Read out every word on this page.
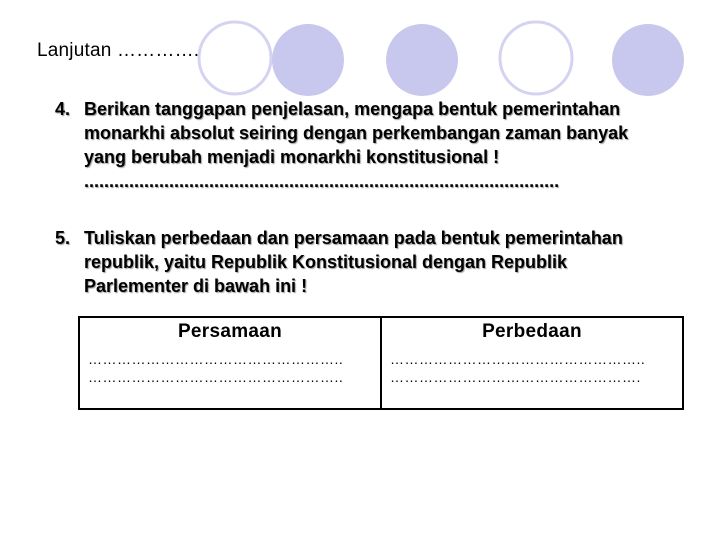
Lanjutan ………….
4. Berikan tanggapan penjelasan, mengapa bentuk pemerintahan
monarkhi absolut seiring dengan perkembangan zaman banyak
yang berubah menjadi monarkhi konstitusional !
...............................................................................................
5. Tuliskan perbedaan dan persamaan pada bentuk pemerintahan
republik, yaitu Republik Konstitusional dengan Republik
Parlementer di bawah ini !
Persamaan
……………………………………………..
……………………………………………..
Perbedaan
……………………………………………..
…………………………………………….
